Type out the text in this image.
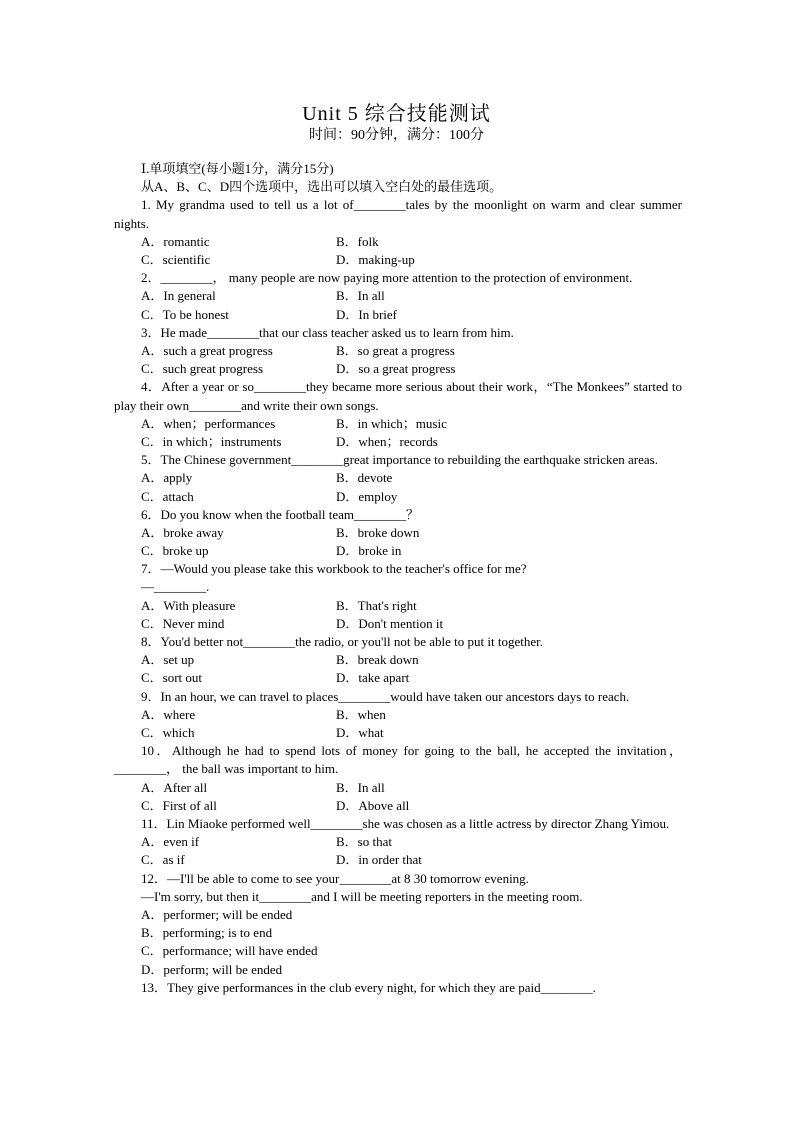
Unit 5 综合技能测试
时间：90分钟，满分：100分

Ⅰ.单项填空(每小题1分，满分15分)

从A、B、C、D四个选项中，选出可以填入空白处的最佳选项。

1. My grandma used to tell us a lot of________tales by the moonlight on warm and clear summer nights.

A．romantic	B．folk
C．scientific	D．making-up

2．________， many people are now paying more attention to the protection of environment.

A．In general	B．In all
C．To be honest	D．In brief

3．He made________that our class teacher asked us to learn from him.

A．such a great progress	B．so great a progress
C．such great progress	D．so a great progress

4．After a year or so________they became more serious about their work，“The Monkees” started to play their own________and write their own songs.

A．when；performances	B．in which；music
C．in which；instruments	D．when；records

5．The Chinese government________great importance to rebuilding the earthquake stricken areas.

A．apply	B．devote
C．attach	D．employ

6．Do you know when the football team________？

A．broke away	B．broke down
C．broke up	D．broke in

7．—Would you please take this workbook to the teacher's office for me?

—________.

A．With pleasure	B．That's right
C．Never mind	D．Don't mention it

8．You'd better not________the radio, or you'll not be able to put it together.

A．set up	B．break down
C．sort out	D．take apart

9．In an hour, we can travel to places________would have taken our ancestors days to reach.

A．where	B．when
C．which	D．what

10．Although he had to spend lots of money for going to the ball, he accepted the invitation，________， the ball was important to him.

A．After all	B．In all
C．First of all	D．Above all

11．Lin Miaoke performed well________she was chosen as a little actress by director Zhang Yimou.

A．even if	B．so that
C．as if	D．in order that

12．—I'll be able to come to see your________at 8 30 tomorrow evening.

—I'm sorry, but then it________and I will be meeting reporters in the meeting room.

A．performer; will be ended

B．performing; is to end

C．performance; will have ended

D．perform; will be ended

13．They give performances in the club every night, for which they are paid________.
